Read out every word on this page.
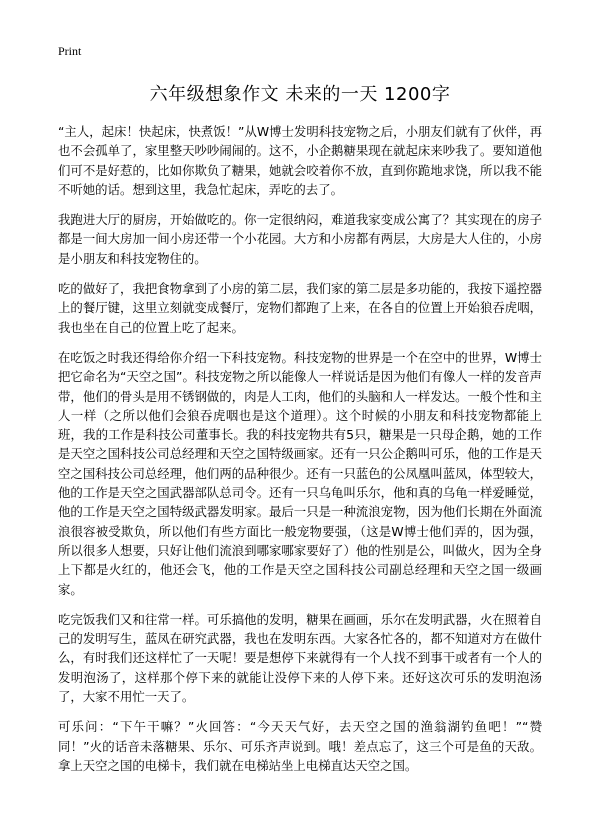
Print
六年级想象作文 未来的一天 1200字

“主人，起床！快起床，快煮饭！”从W博士发明科技宠物之后，小朋友们就有了伙伴，再也不会孤单了，家里整天吵吵闹闹的。这不，小企鹅糖果现在就起床来吵我了。要知道他们可不是好惹的，比如你欺负了糖果，她就会咬着你不放，直到你跪地求饶，所以我不能不听她的话。想到这里，我急忙起床，弄吃的去了。

我跑进大厅的厨房，开始做吃的。你一定很纳闷，难道我家变成公寓了？其实现在的房子都是一间大房加一间小房还带一个小花园。大方和小房都有两层，大房是大人住的，小房是小朋友和科技宠物住的。

吃的做好了，我把食物拿到了小房的第二层，我们家的第二层是多功能的，我按下遥控器上的餐厅键，这里立刻就变成餐厅，宠物们都跑了上来，在各自的位置上开始狼吞虎咽，我也坐在自己的位置上吃了起来。

在吃饭之时我还得给你介绍一下科技宠物。科技宠物的世界是一个在空中的世界，W博士把它命名为“天空之国”。科技宠物之所以能像人一样说话是因为他们有像人一样的发音声带，他们的骨头是用不锈钢做的，肉是人工肉，他们的头脑和人一样发达。一般个性和主人一样（之所以他们会狼吞虎咽也是这个道理）。这个时候的小朋友和科技宠物都能上班，我的工作是科技公司董事长。我的科技宠物共有5只，糖果是一只母企鹅，她的工作是天空之国科技公司总经理和天空之国特级画家。还有一只公企鹅叫可乐，他的工作是天空之国科技公司总经理，他们两的品种很少。还有一只蓝色的公凤凰叫蓝凤，体型较大，他的工作是天空之国武器部队总司令。还有一只乌龟叫乐尔，他和真的乌龟一样爱睡觉，他的工作是天空之国特级武器发明家。最后一只是一种流浪宠物，因为他们长期在外面流浪很容被受欺负，所以他们有些方面比一般宠物要强，（这是W博士他们弄的，因为强，所以很多人想要，只好让他们流浪到哪家哪家要好了）他的性别是公，叫做火，因为全身上下都是火红的，他还会飞，他的工作是天空之国科技公司副总经理和天空之国一级画家。

吃完饭我们又和往常一样。可乐搞他的发明，糖果在画画，乐尔在发明武器，火在照着自己的发明写生，蓝凤在研究武器，我也在发明东西。大家各忙各的，都不知道对方在做什么，有时我们还这样忙了一天呢！要是想停下来就得有一个人找不到事干或者有一个人的发明泡汤了，这样那个停下来的就能让没停下来的人停下来。还好这次可乐的发明泡汤了，大家不用忙一天了。

可乐问：“下午干嘛？”火回答：“今天天气好，去天空之国的渔翁湖钓鱼吧！”“赞同！”火的话音未落糖果、乐尔、可乐齐声说到。哦！差点忘了，这三个可是鱼的天敌。拿上天空之国的电梯卡，我们就在电梯站坐上电梯直达天空之国。
